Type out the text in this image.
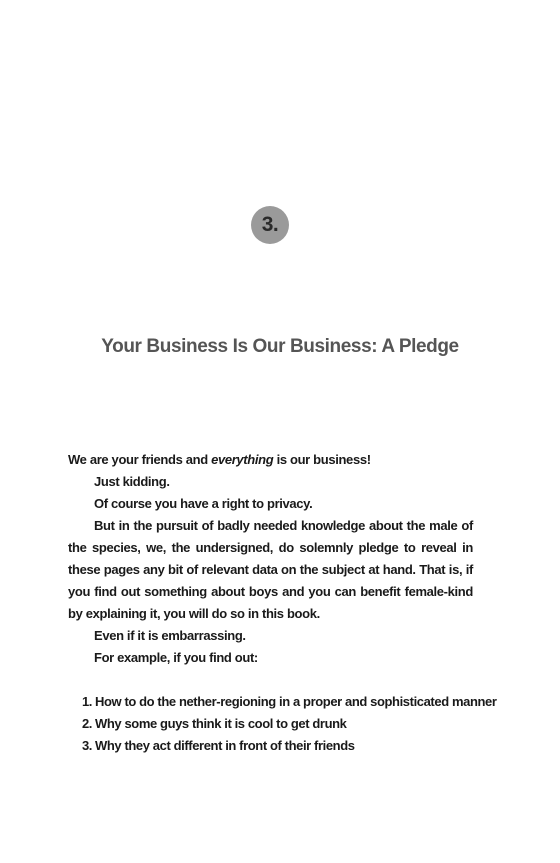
3.
Your Business Is Our Business: A Pledge

We are your friends and everything is our business!

Just kidding.

Of course you have a right to privacy.

But in the pursuit of badly needed knowledge about the male of the species, we, the undersigned, do solemnly pledge to reveal in these pages any bit of relevant data on the subject at hand. That is, if you find out something about boys and you can benefit female-kind by explaining it, you will do so in this book.

Even if it is embarrassing.

For example, if you find out:

1. How to do the nether-regioning in a proper and sophisticated manner
2. Why some guys think it is cool to get drunk
3. Why they act different in front of their friends
